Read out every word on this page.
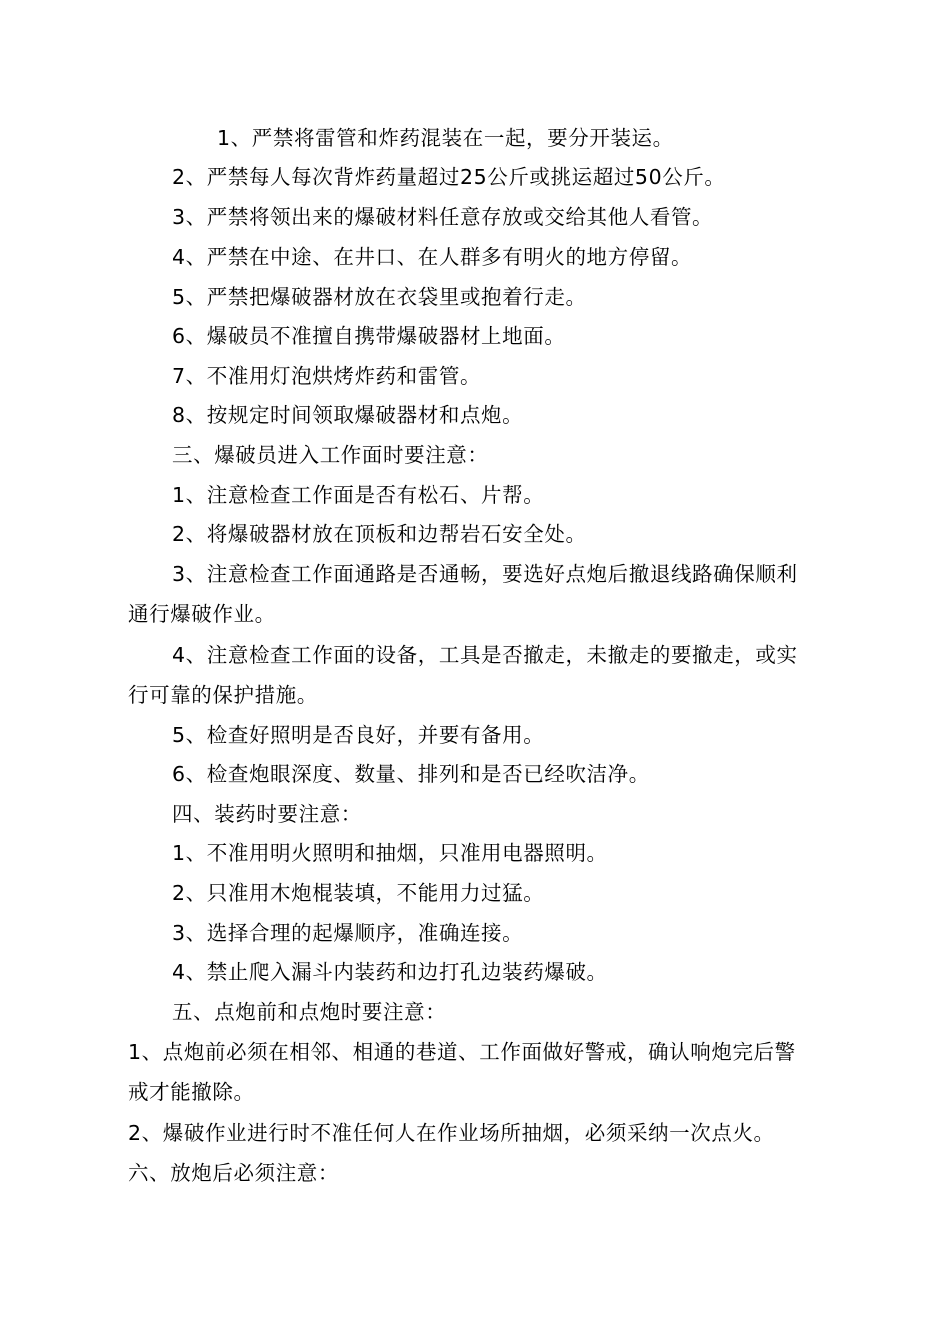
1、严禁将雷管和炸药混装在一起，要分开装运。
2、严禁每人每次背炸药量超过25公斤或挑运超过50公斤。
3、严禁将领出来的爆破材料任意存放或交给其他人看管。
4、严禁在中途、在井口、在人群多有明火的地方停留。
5、严禁把爆破器材放在衣袋里或抱着行走。
6、爆破员不准擅自携带爆破器材上地面。
7、不准用灯泡烘烤炸药和雷管。
8、按规定时间领取爆破器材和点炮。
三、爆破员进入工作面时要注意：
1、注意检查工作面是否有松石、片帮。
2、将爆破器材放在顶板和边帮岩石安全处。
3、注意检查工作面通路是否通畅，要选好点炮后撤退线路确保顺利
通行爆破作业。
4、注意检查工作面的设备，工具是否撤走，未撤走的要撤走，或实
行可靠的保护措施。
5、检查好照明是否良好，并要有备用。
6、检查炮眼深度、数量、排列和是否已经吹洁净。
四、装药时要注意：
1、不准用明火照明和抽烟，只准用电器照明。
2、只准用木炮棍装填，不能用力过猛。
3、选择合理的起爆顺序，准确连接。
4、禁止爬入漏斗内装药和边打孔边装药爆破。
五、点炮前和点炮时要注意：
1、点炮前必须在相邻、相通的巷道、工作面做好警戒，确认响炮完后警
戒才能撤除。
2、爆破作业进行时不准任何人在作业场所抽烟，必须采纳一次点火。
六、放炮后必须注意：
